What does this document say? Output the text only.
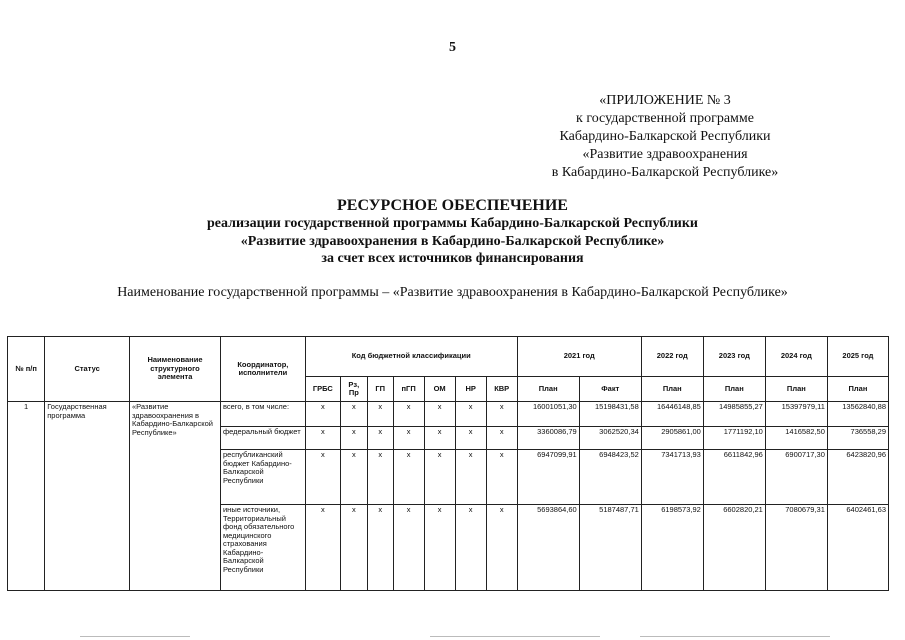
5
«ПРИЛОЖЕНИЕ № 3
к государственной программе
Кабардино-Балкарской Республики
«Развитие здравоохранения
в Кабардино-Балкарской Республике»
РЕСУРСНОЕ ОБЕСПЕЧЕНИЕ
реализации государственной программы Кабардино-Балкарской Республики
«Развитие здравоохранения в Кабардино-Балкарской Республике»
за счет всех источников финансирования
Наименование государственной программы – «Развитие здравоохранения в Кабардино-Балкарской Республике»
№ п/п	Статус	Наименование структурного элемента	Координатор, исполнители	Код бюджетной классификации							2021 год		2022 год	2023 год	2024 год	2025 год
				ГРБС	Рз, Пр	ГП	пГП	ОМ	НР	КВР	План	Факт	План	План	План	План
1	Государственная программа	«Развитие здравоохранения в Кабардино-Балкарской Республике»	всего, в том числе:	х	х	х	х	х	х	х	16001051,30	15198431,58	16446148,85	14985855,27	15397979,11	13562840,88
			федеральный бюджет	х	х	х	х	х	х	х	3360086,79	3062520,34	2905861,00	1771192,10	1416582,50	736558,29
			республиканский бюджет Кабардино-Балкарской Республики	х	х	х	х	х	х	х	6947099,91	6948423,52	7341713,93	6611842,96	6900717,30	6423820,96
			иные источники, Территориальный фонд обязательного медицинского страхования Кабардино-Балкарской Республики	х	х	х	х	х	х	х	5693864,60	5187487,71	6198573,92	6602820,21	7080679,31	6402461,63
